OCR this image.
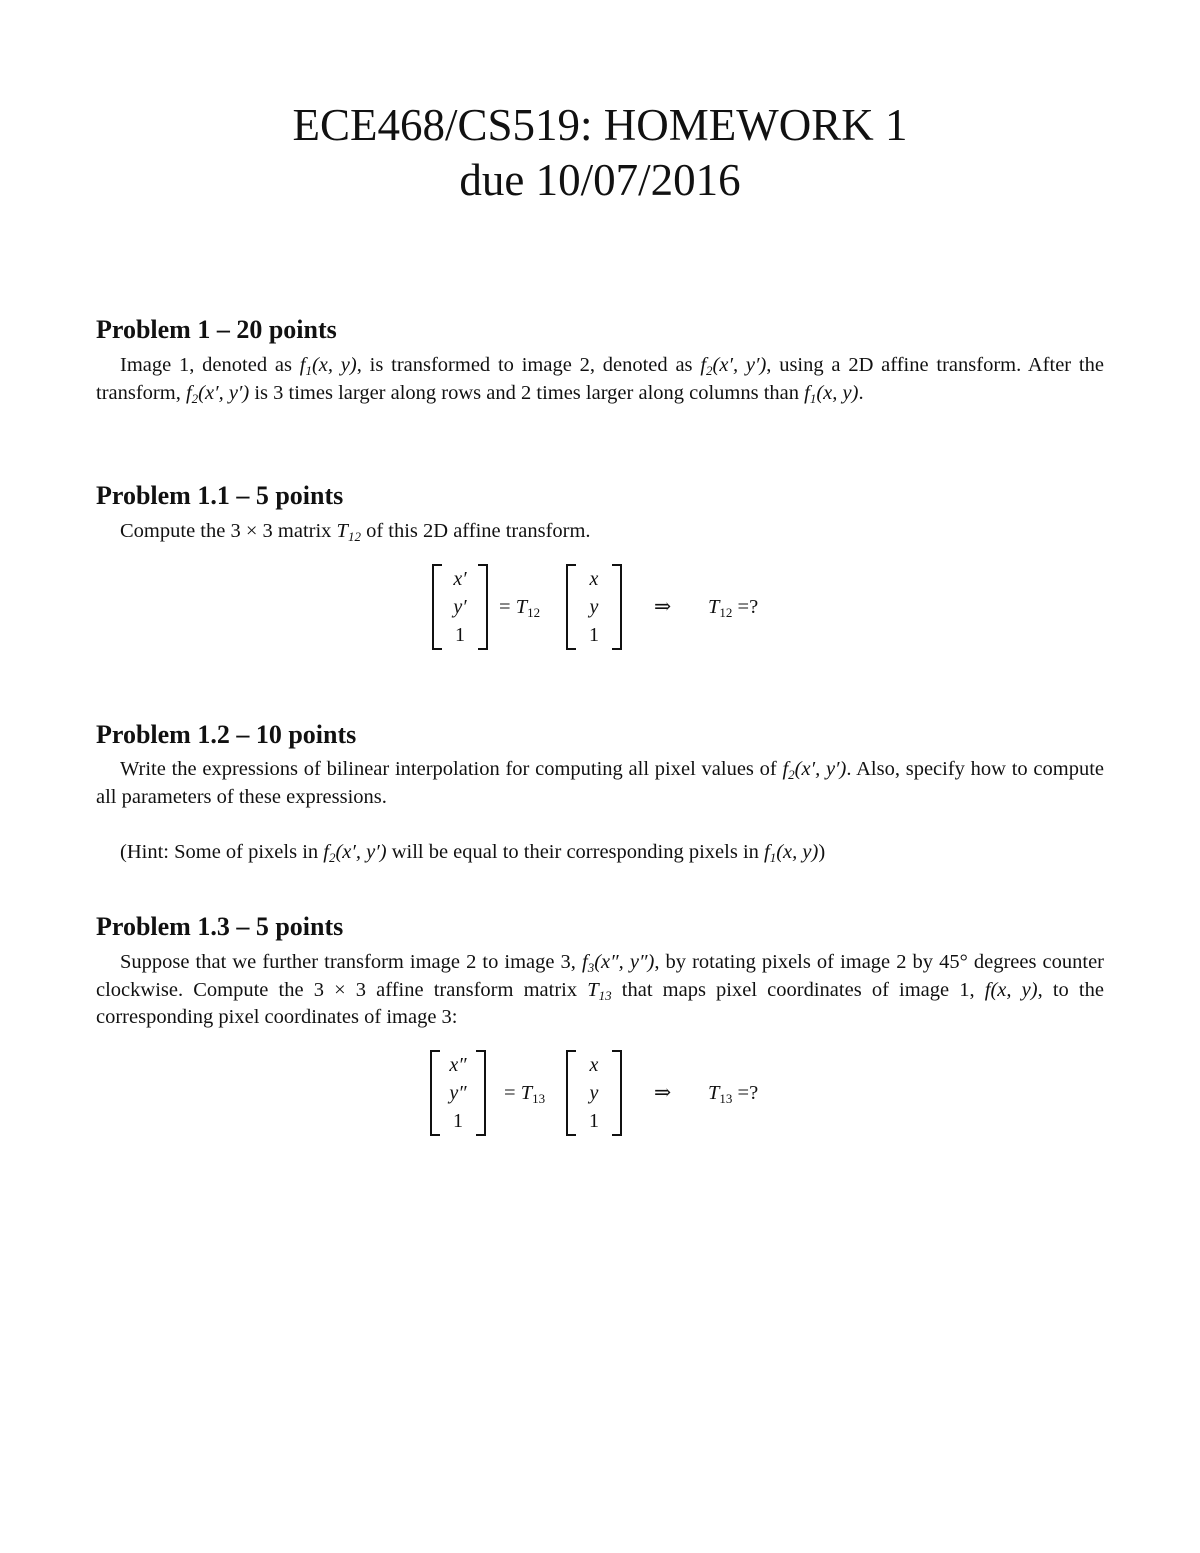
ECE468/CS519: HOMEWORK 1
due 10/07/2016
Problem 1 – 20 points
Image 1, denoted as $f_1(x$, y), is transformed to image 2, denoted as $f_2(x'$, y′), using a 2D affine transform. After the transform, $f_2(x'$, y′) is 3 times larger along rows and 2 times larger along columns than $f_1(x$, y).
Problem 1.1 – 5 points
Compute the 3 × 3 matrix $T_{12}$ of this 2D affine transform.
x′
y′
1
= $T_{12}$
x
y
1
⇒ $T_{12}$ =?
Problem 1.2 – 10 points
Write the expressions of bilinear interpolation for computing all pixel values of $f_2(x'$, y′). Also, specify how to compute all parameters of these expressions.
(Hint: Some of pixels in $f_2(x'$, y′) will be equal to their corresponding pixels in $f_1(x$, y))
Problem 1.3 – 5 points
Suppose that we further transform image 2 to image 3, $f_3(x''$, y″), by rotating pixels of image 2 by 45° degrees counter clockwise. Compute the 3 × 3 affine transform matrix $T_{13}$ that maps pixel coordinates of image 1, f(x, y), to the corresponding pixel coordinates of image 3:
x″
y″
1
= $T_{13}$
x
y
1
⇒ $T_{13}$ =?
